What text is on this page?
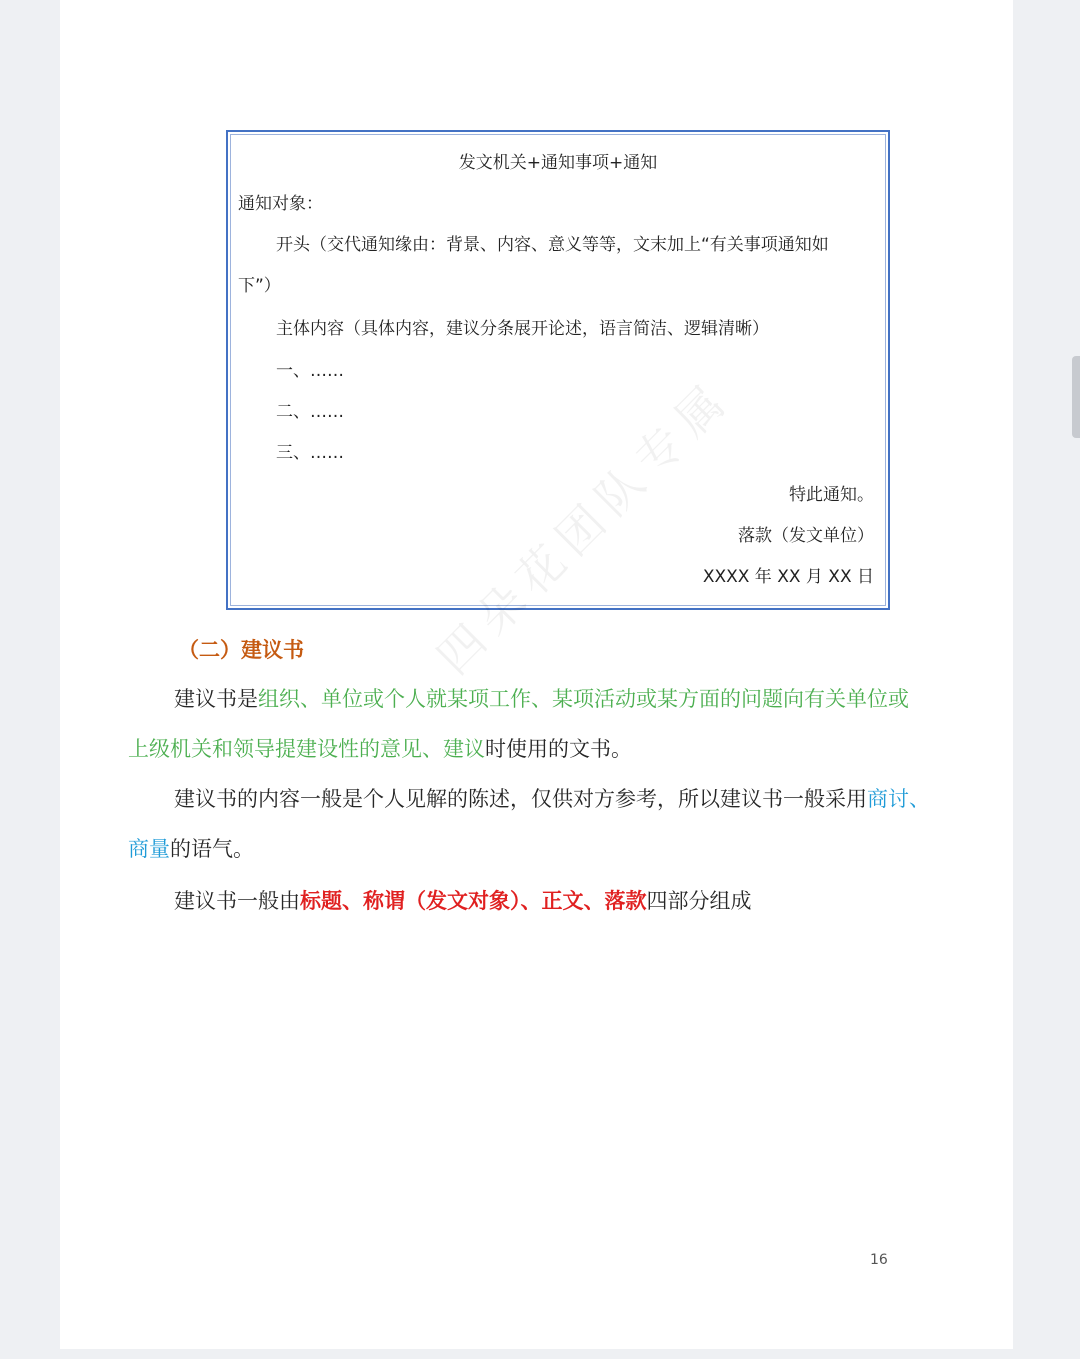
发文机关+通知事项+通知
通知对象：
开头（交代通知缘由：背景、内容、意义等等，文末加上“有关事项通知如
下”）
主体内容（具体内容，建议分条展开论述，语言简洁、逻辑清晰）
一、……
二、……
三、……
特此通知。
落款（发文单位）
XXXX 年 XX 月 XX 日
（二）建议书
建议书是组织、单位或个人就某项工作、某项活动或某方面的问题向有关单位或
上级机关和领导提建设性的意见、建议时使用的文书。
建议书的内容一般是个人见解的陈述，仅供对方参考，所以建议书一般采用商讨、
商量的语气。
建议书一般由标题、称谓（发文对象）、正文、落款四部分组成
四朵花团队专属
16
